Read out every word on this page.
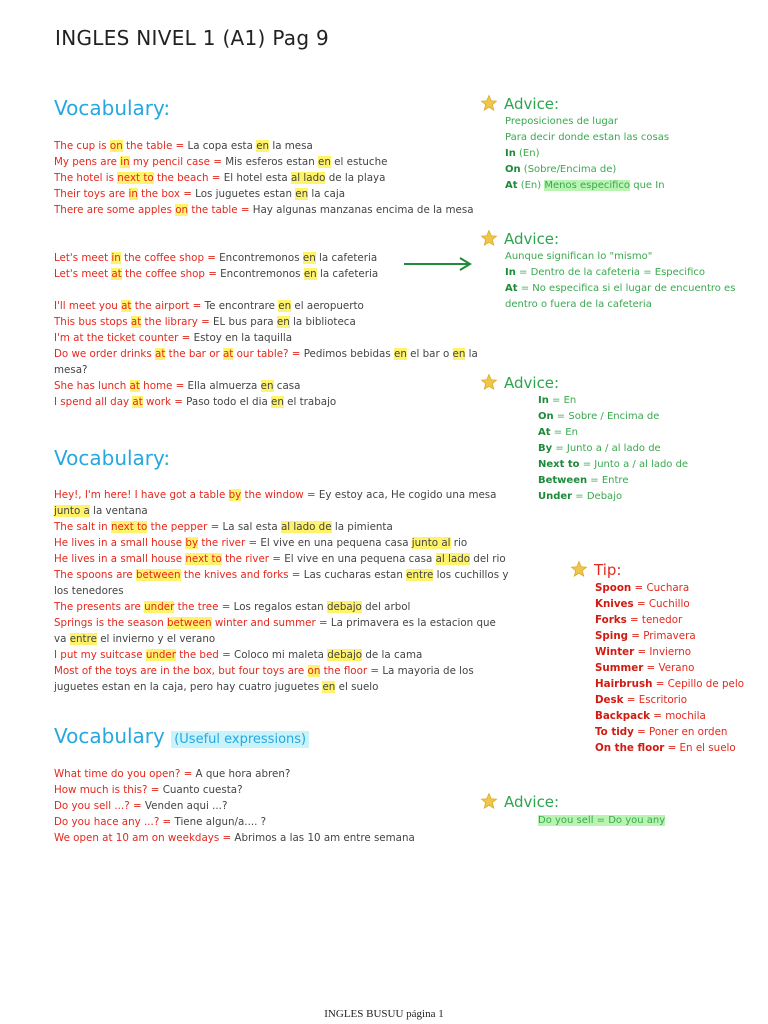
INGLES NIVEL 1 (A1) Pag 9
Vocabulary:
Vocabulary:
Vocabulary (Useful expressions)
Advice:
Advice:
Advice:
Tip:
Advice:
INGLES BUSUU página 1
The cup is on the table = La copa esta en la mesa
My pens are in my pencil case = Mis esferos estan en el estuche
The hotel is next to the beach = El hotel esta al lado de la playa
Their toys are in the box = Los juguetes estan en la caja
There are some apples on the table = Hay algunas manzanas encima de la mesa
Let's meet in the coffee shop = Encontremonos en la cafeteria
Let's meet at the coffee shop = Encontremonos en la cafeteria
I'll meet you at the airport = Te encontrare en el aeropuerto
This bus stops at the library = EL bus para en la biblioteca
I'm at the ticket counter = Estoy en la taquilla
Do we order drinks at the bar or at our table? = Pedimos bebidas en el bar o en la
mesa?
She has lunch at home = Ella almuerza en casa
I spend all day at work = Paso todo el dia en el trabajo
Hey!, I'm here! I have got a table by the window = Ey estoy aca, He cogido una mesa
junto a la ventana
The salt in next to the pepper = La sal esta al lado de la pimienta
He lives in a small house by the river = El vive en una pequena casa junto al rio
He lives in a small house next to the river = El vive en una pequena casa al lado del rio
The spoons are between the knives and forks = Las cucharas estan entre los cuchillos y
los tenedores
The presents are under the tree = Los regalos estan debajo del arbol
Springs is the season between winter and summer = La primavera es la estacion que
va entre el invierno y el verano
I put my suitcase under the bed = Coloco mi maleta debajo de la cama
Most of the toys are in the box, but four toys are on the floor = La mayoria de los
juguetes estan en la caja, pero hay cuatro juguetes en el suelo
What time do you open? = A que hora abren?
How much is this? = Cuanto cuesta?
Do you sell ...? = Venden aqui ...?
Do you hace any ...? = Tiene algun/a.... ?
We open at 10 am on weekdays = Abrimos a las 10 am entre semana
Preposiciones de lugar
Para decir donde estan las cosas
In (En)
On (Sobre/Encima de)
At (En) Menos especifico que In
Aunque significan lo "mismo"
In = Dentro de la cafeteria = Especifico
At = No especifica si el lugar de encuentro es
dentro o fuera de la cafeteria
In = En
On = Sobre / Encima de
At = En
By = Junto a / al lado de
Next to = Junto a / al lado de
Between = Entre
Under = Debajo
Spoon = Cuchara
Knives = Cuchillo
Forks = tenedor
Sping = Primavera
Winter = Invierno
Summer = Verano
Hairbrush = Cepillo de pelo
Desk = Escritorio
Backpack = mochila
To tidy = Poner en orden
On the floor = En el suelo
Do you sell = Do you any
